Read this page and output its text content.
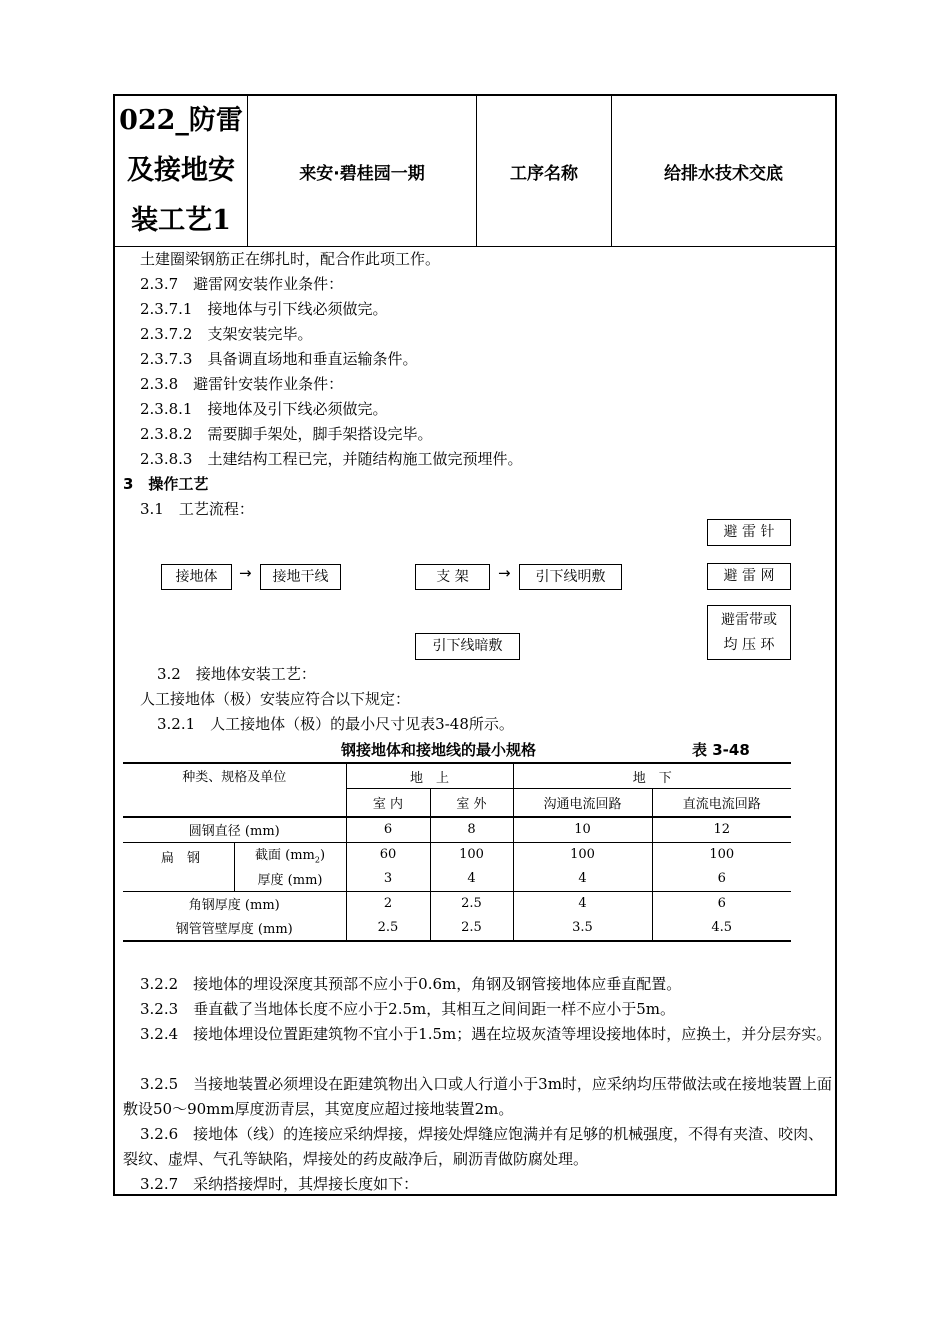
022_防雷
及接地安
装工艺1
来安·碧桂园一期	工序名称	给排水技术交底
土建圈梁钢筋正在绑扎时，配合作此项工作。
2.3.7　避雷网安装作业条件：
2.3.7.1　接地体与引下线必须做完。
2.3.7.2　支架安装完毕。
2.3.7.3　具备调直场地和垂直运输条件。
2.3.8　避雷针安装作业条件：
2.3.8.1　接地体及引下线必须做完。
2.3.8.2　需要脚手架处，脚手架搭设完毕。
2.3.8.3　土建结构工程已完，并随结构施工做完预埋件。
3　操作工艺
3.1　工艺流程：
接地体	→	接地干线	支 架	→	引下线明敷
引下线暗敷
避 雷 针
避 雷 网
避雷带或
均 压 环
3.2　接地体安装工艺：
人工接地体（极）安装应符合以下规定：
3.2.1　人工接地体（极）的最小尺寸见表3-48所示。
钢接地体和接地线的最小规格	表 3-48
种类、规格及单位		地　上		地　下	
		室 内	室 外	沟通电流回路	直流电流回路
圆钢直径 (mm)		6	8	10	12
扁　钢	截面 $(mm_2)$	60	100	100	100
	厚度 (mm)	3	4	4	6
角钢厚度 (mm)		2	2.5	4	6
钢管管壁厚度 (mm)		2.5	2.5	3.5	4.5
3.2.2　接地体的埋设深度其预部不应小于0.6m，角钢及钢管接地体应垂直配置。
3.2.3　垂直截了当地体长度不应小于2.5m，其相互之间间距一样不应小于5m。
3.2.4　接地体埋设位置距建筑物不宜小于1.5m；遇在垃圾灰渣等埋设接地体时，应换土，并分层夯实。
3.2.5　当接地装置必须埋设在距建筑物出入口或人行道小于3m时，应采纳均压带做法或在接地装置上面敷设50～90mm厚度沥青层，其宽度应超过接地装置2m。
3.2.6　接地体（线）的连接应采纳焊接，焊接处焊缝应饱满并有足够的机械强度，不得有夹渣、咬肉、裂纹、虚焊、气孔等缺陷，焊接处的药皮敲净后，刷沥青做防腐处理。
3.2.7　采纳搭接焊时，其焊接长度如下：
